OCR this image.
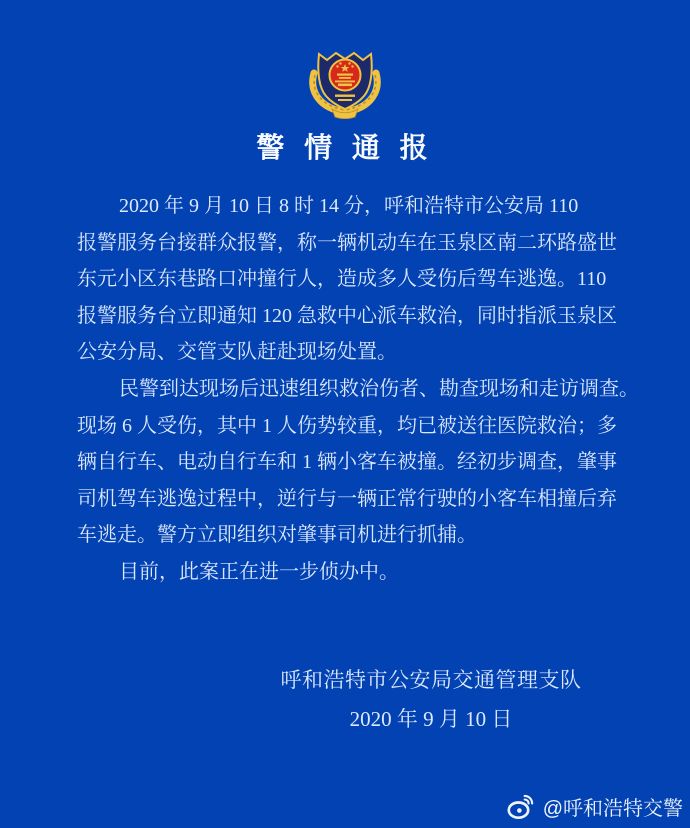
警 情 通 报
2020 年 9 月 10 日 8 时 14 分，呼和浩特市公安局 110
报警服务台接群众报警，称一辆机动车在玉泉区南二环路盛世
东元小区东巷路口冲撞行人，造成多人受伤后驾车逃逸。110
报警服务台立即通知 120 急救中心派车救治，同时指派玉泉区
公安分局、交管支队赶赴现场处置。
民警到达现场后迅速组织救治伤者、勘查现场和走访调查。
现场 6 人受伤，其中 1 人伤势较重，均已被送往医院救治；多
辆自行车、电动自行车和 1 辆小客车被撞。经初步调查，肇事
司机驾车逃逸过程中，逆行与一辆正常行驶的小客车相撞后弃
车逃走。警方立即组织对肇事司机进行抓捕。
目前，此案正在进一步侦办中。
呼和浩特市公安局交通管理支队
2020 年 9 月 10 日
@呼和浩特交警
